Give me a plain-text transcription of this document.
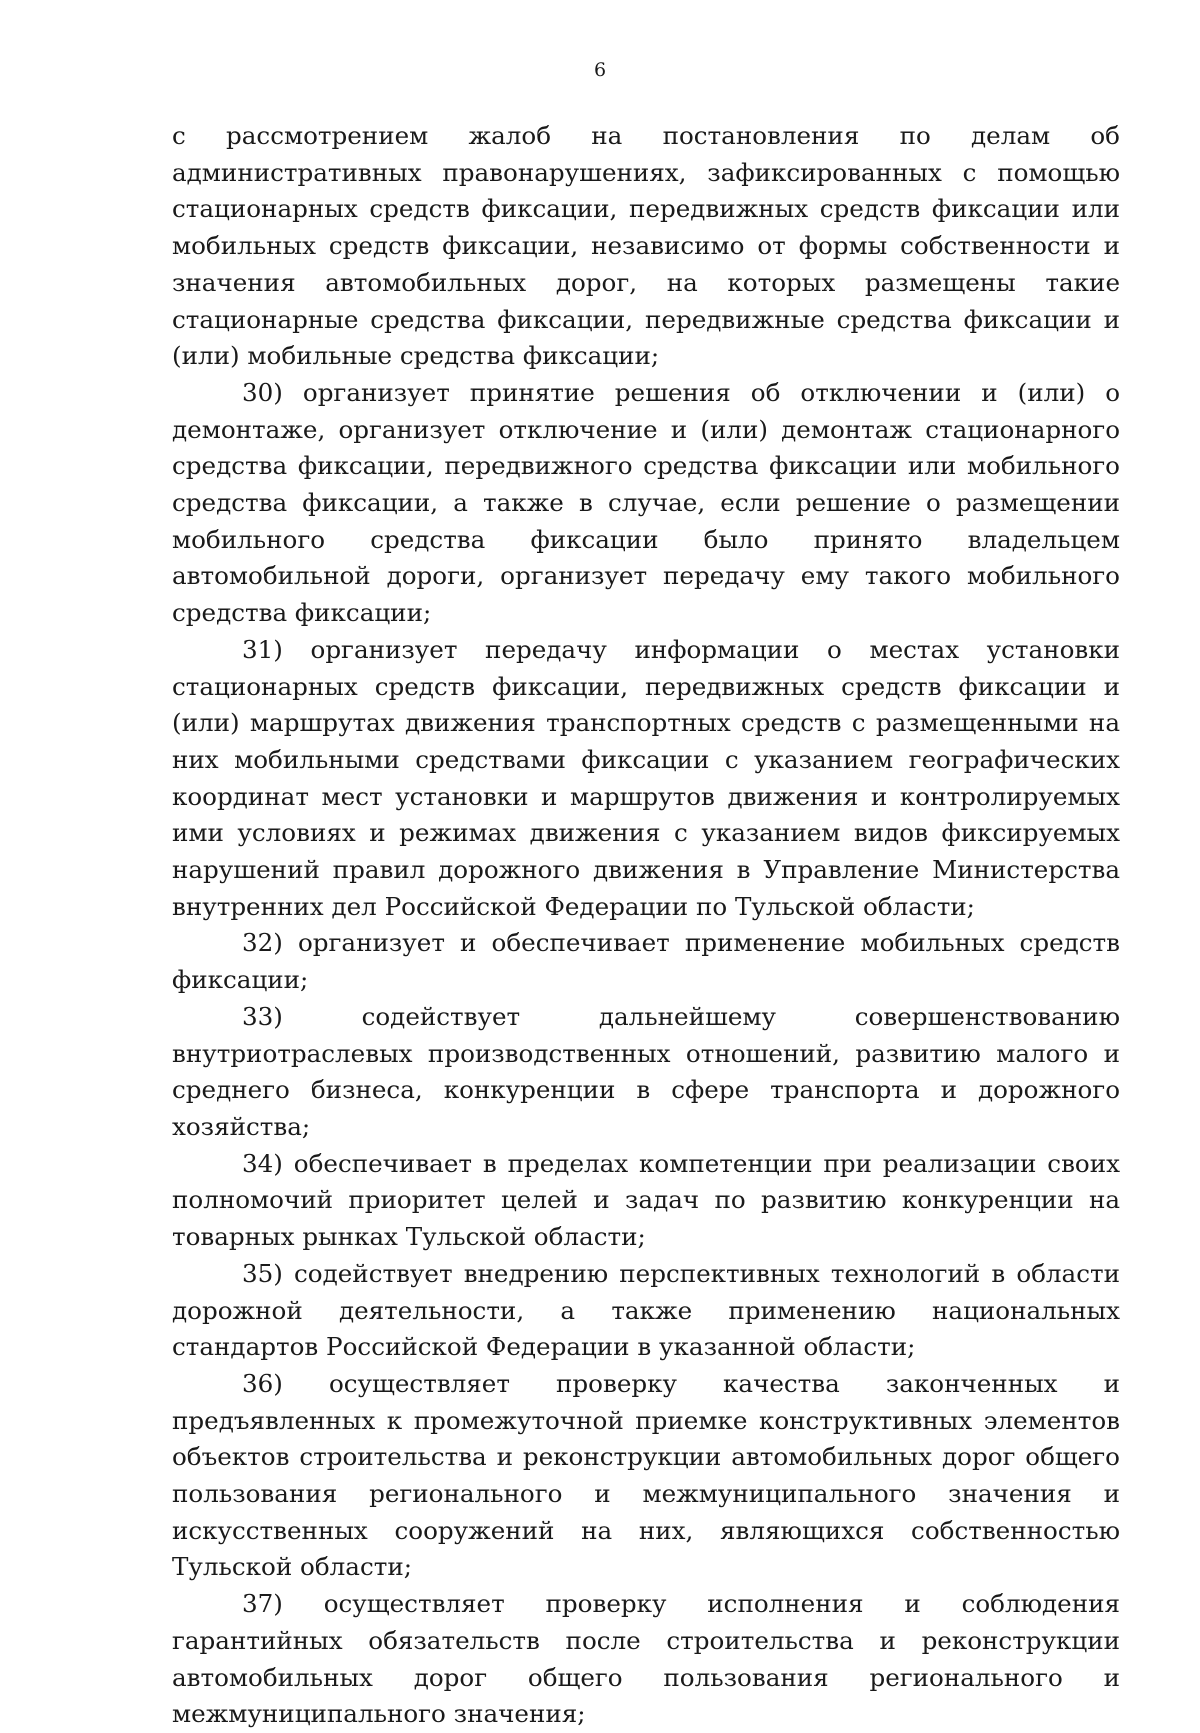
6

с рассмотрением жалоб на постановления по делам об административных правонарушениях, зафиксированных с помощью стационарных средств фиксации, передвижных средств фиксации или мобильных средств фиксации, независимо от формы собственности и значения автомобильных дорог, на которых размещены такие стационарные средства фиксации, передвижные средства фиксации и (или) мобильные средства фиксации;

30) организует принятие решения об отключении и (или) о демонтаже, организует отключение и (или) демонтаж стационарного средства фиксации, передвижного средства фиксации или мобильного средства фиксации, а также в случае, если решение о размещении мобильного средства фиксации было принято владельцем автомобильной дороги, организует передачу ему такого мобильного средства фиксации;

31) организует передачу информации о местах установки стационарных средств фиксации, передвижных средств фиксации и (или) маршрутах движения транспортных средств с размещенными на них мобильными средствами фиксации с указанием географических координат мест установки и маршрутов движения и контролируемых ими условиях и режимах движения с указанием видов фиксируемых нарушений правил дорожного движения в Управление Министерства внутренних дел Российской Федерации по Тульской области;

32) организует и обеспечивает применение мобильных средств фиксации;

33) содействует дальнейшему совершенствованию внутриотраслевых производственных отношений, развитию малого и среднего бизнеса, конкуренции в сфере транспорта и дорожного хозяйства;

34) обеспечивает в пределах компетенции при реализации своих полномочий приоритет целей и задач по развитию конкуренции на товарных рынках Тульской области;

35) содействует внедрению перспективных технологий в области дорожной деятельности, а также применению национальных стандартов Российской Федерации в указанной области;

36) осуществляет проверку качества законченных и предъявленных к промежуточной приемке конструктивных элементов объектов строительства и реконструкции автомобильных дорог общего пользования регионального и межмуниципального значения и искусственных сооружений на них, являющихся собственностью Тульской области;

37) осуществляет проверку исполнения и соблюдения гарантийных обязательств после строительства и реконструкции автомобильных дорог общего пользования регионального и межмуниципального значения;
